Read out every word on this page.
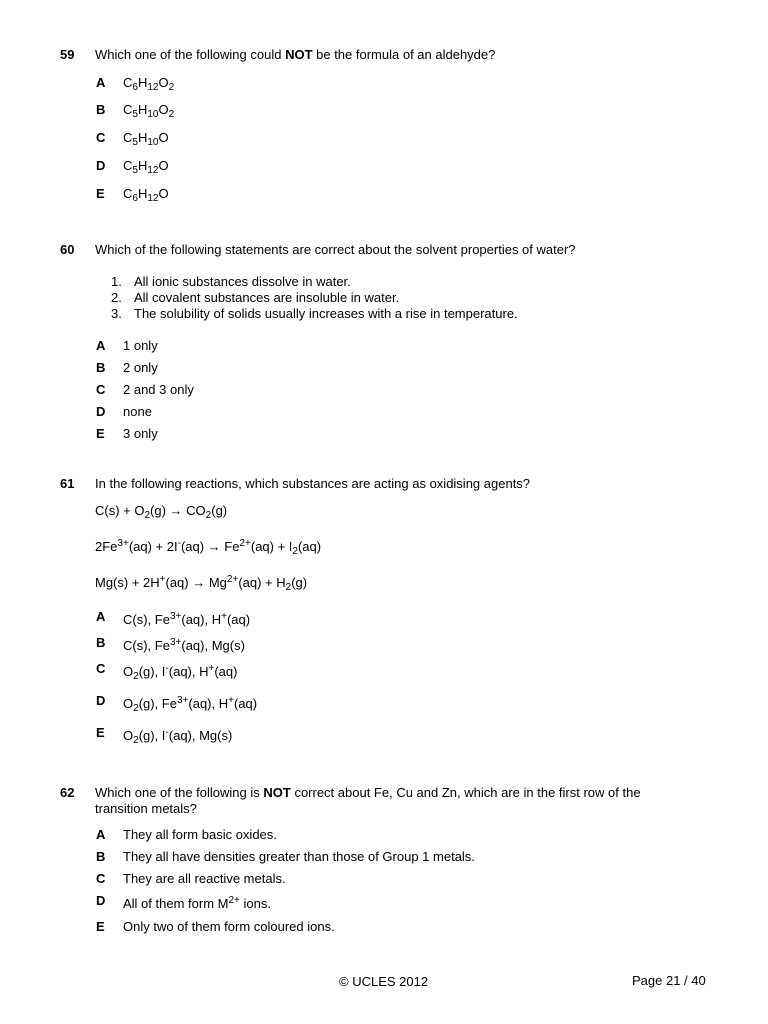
59 Which one of the following could NOT be the formula of an aldehyde?
A $C_6H_{12}O_2$
B $C_5H_{10}O_2$
C $C_5H_{10}O$
D $C_5H_{12}O$
E $C_6H_{12}O$
60 Which of the following statements are correct about the solvent properties of water?
1. All ionic substances dissolve in water.
2. All covalent substances are insoluble in water.
3. The solubility of solids usually increases with a rise in temperature.
A 1 only
B 2 only
C 2 and 3 only
D none
E 3 only
61 In the following reactions, which substances are acting as oxidising agents?
$C(s) + O_2(g) \to CO_2(g)$
$2Fe^{3+}(aq) + 2I^-(aq) \to Fe^{2+}(aq) + I_2(aq)$
$Mg(s) + 2H^+(aq) \to Mg^{2+}(aq) + H_2(g)$
A C(s), $Fe^{3+}(aq)$, H+(aq)
B C(s), $Fe^{3+}(aq)$, Mg(s)
C $O_2(g)$, I-(aq), H+(aq)
D $O_2(g)$, $Fe^{3+}(aq)$, H+(aq)
E $O_2(g)$, I-(aq), Mg(s)
62 Which one of the following is NOT correct about Fe, Cu and Zn, which are in the first row of the
transition metals?
A They all form basic oxides.
B They all have densities greater than those of Group 1 metals.
C They are all reactive metals.
D All of them form $M^{2+}$ ions.
E Only two of them form coloured ions.
© UCLES 2012	Page 21 / 40
